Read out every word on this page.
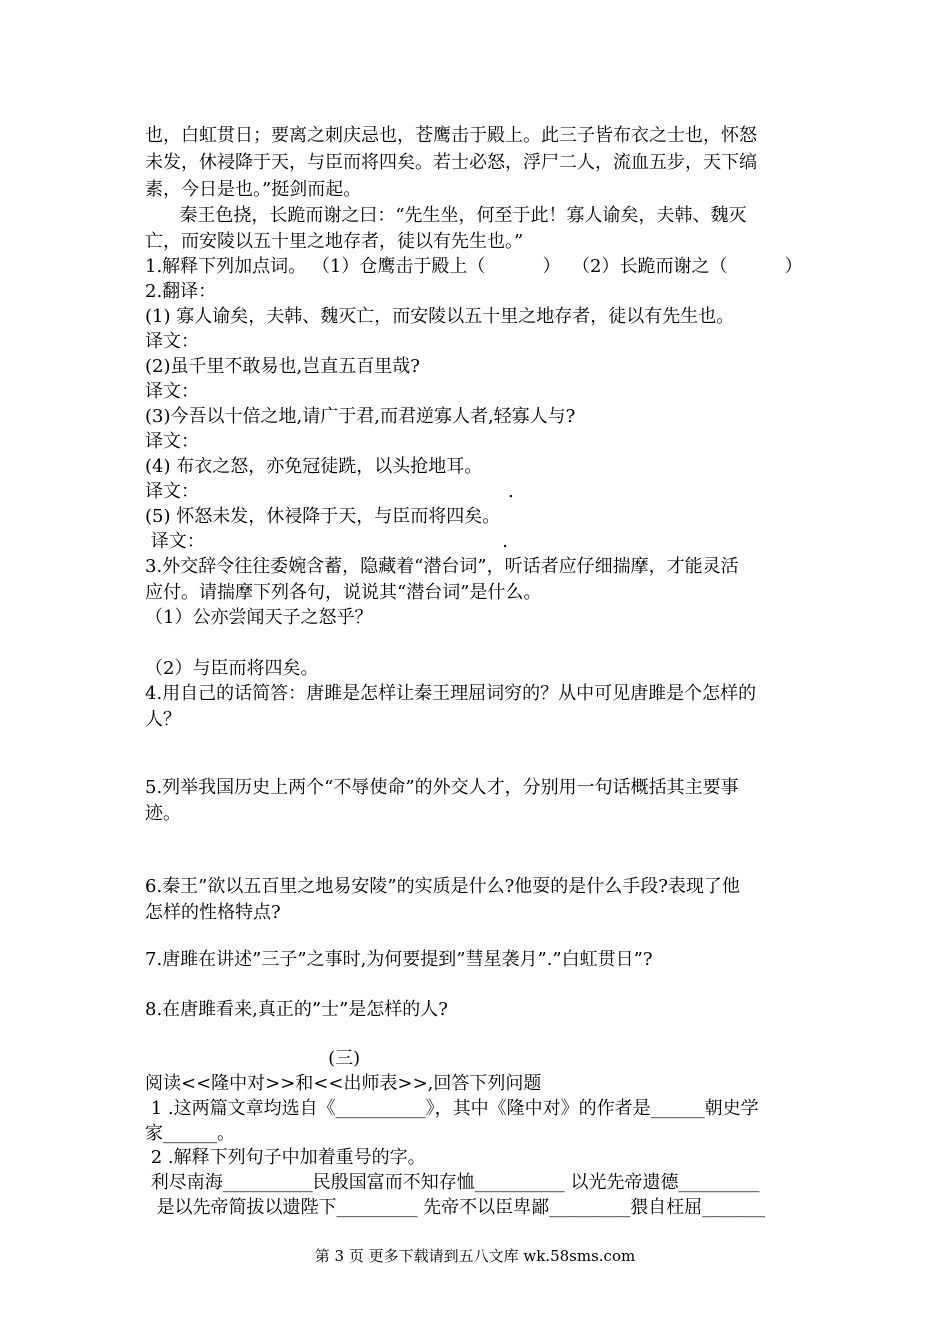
也，白虹贯日；要离之刺庆忌也，苍鹰击于殿上。此三子皆布衣之士也，怀怒
未发，休祲降于天，与臣而将四矣。若士必怒，浮尸二人，流血五步，天下缟
素，今日是也。”挺剑而起。
秦王色挠，长跪而谢之曰：“先生坐，何至于此！寡人谕矣，夫韩、魏灭
亡，而安陵以五十里之地存者，徒以有先生也。”
1.解释下列加点词。 （1）仓鹰击于殿上（          ）  （2）长跪而谢之（          ）
2.翻译：
(1) 寡人谕矣，夫韩、魏灭亡，而安陵以五十里之地存者，徒以有先生也。
译文：
(2)虽千里不敢易也,岂直五百里哉?
译文：
(3)今吾以十倍之地,请广于君,而君逆寡人者,轻寡人与?
译文：
(4) 布衣之怒，亦免冠徒跣，以头抢地耳。
译文：                                                      .
(5) 怀怒未发，休祲降于天，与臣而将四矣。
译文：                                                    .
3.外交辞令往往委婉含蓄，隐藏着“潜台词”，听话者应仔细揣摩，才能灵活
应付。请揣摩下列各句，说说其“潜台词”是什么。
（1）公亦尝闻天子之怒乎？
（2）与臣而将四矣。
4.用自己的话简答：唐雎是怎样让秦王理屈词穷的？从中可见唐雎是个怎样的
人？
5.列举我国历史上两个“不辱使命”的外交人才，分别用一句话概括其主要事
迹。
6.秦王”欲以五百里之地易安陵”的实质是什么?他耍的是什么手段?表现了他
怎样的性格特点?
7.唐雎在讲述”三子”之事时,为何要提到”彗星袭月”.”白虹贯日”?
8.在唐雎看来,真正的”士”是怎样的人?
(三)
阅读<<隆中对>>和<<出师表>>,回答下列问题
1 .这两篇文章均选自《__________》，其中《隆中对》的作者是______朝史学
家______。
2 .解释下列句子中加着重号的字。
利尽南海__________民殷国富而不知存恤__________ 以光先帝遗德_________
是以先帝简拔以遗陛下_________ 先帝不以臣卑鄙_________猥自枉屈_______
第 3 页 更多下载请到五八文库 wk.58sms.com
